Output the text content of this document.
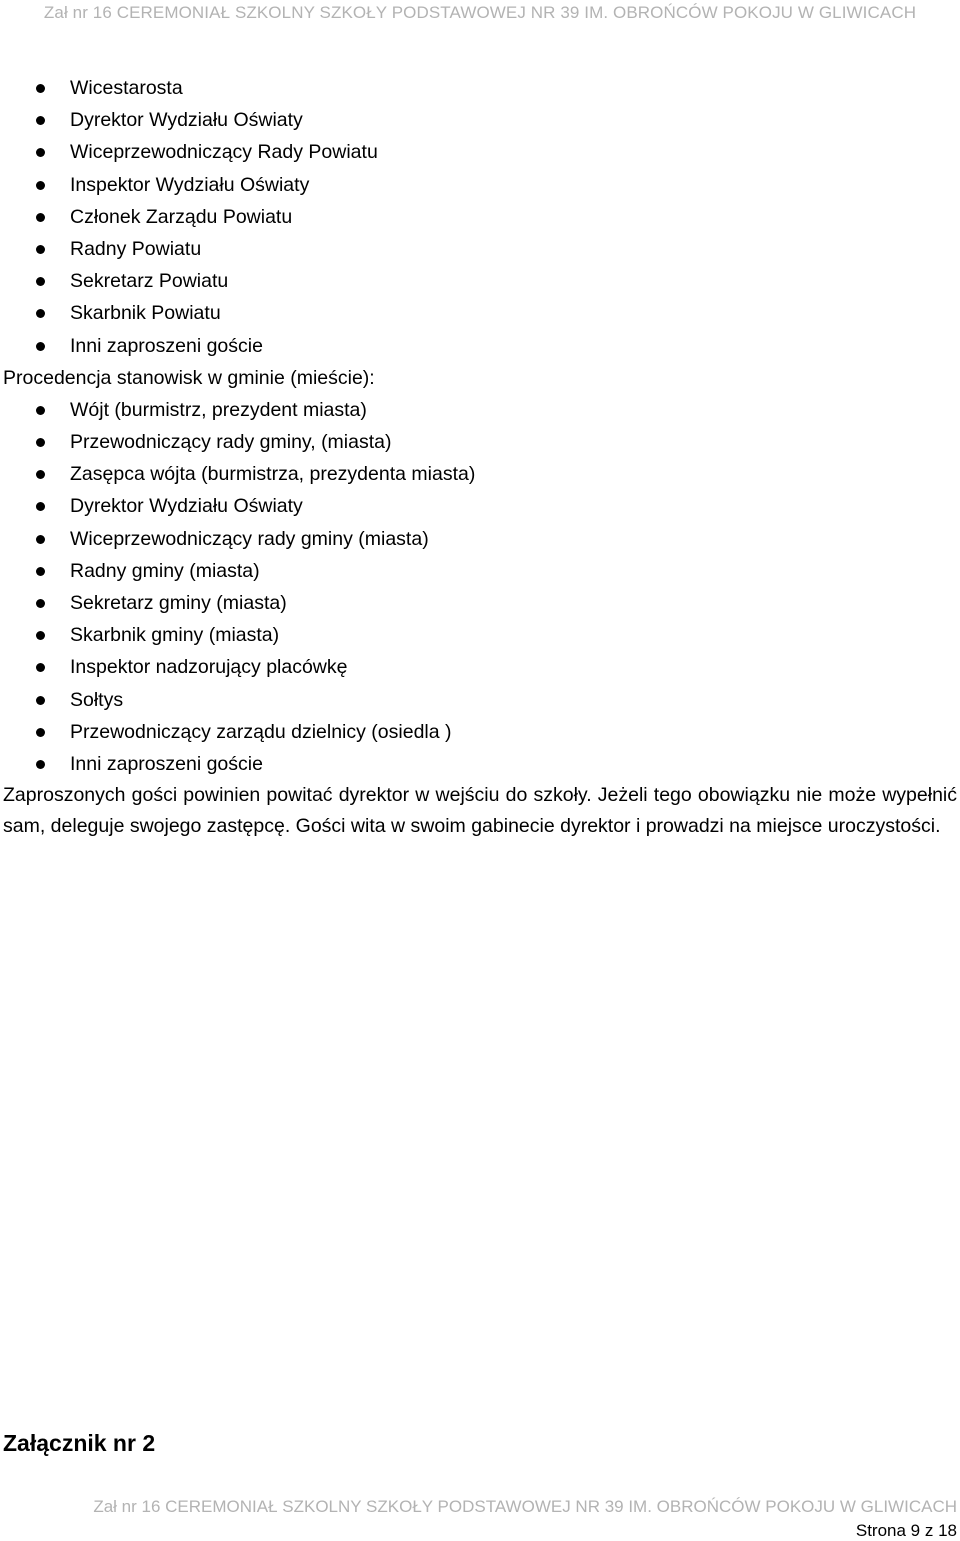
Zał nr 16 CEREMONIAŁ SZKOLNY SZKOŁY PODSTAWOWEJ NR 39 IM. OBROŃCÓW POKOJU W GLIWICACH
Wicestarosta
Dyrektor Wydziału Oświaty
Wiceprzewodniczący Rady Powiatu
Inspektor Wydziału Oświaty
Członek Zarządu Powiatu
Radny Powiatu
Sekretarz Powiatu
Skarbnik Powiatu
Inni zaproszeni goście
Procedencja stanowisk w gminie (mieście):
Wójt (burmistrz, prezydent miasta)
Przewodniczący rady gminy, (miasta)
Zasępca wójta (burmistrza, prezydenta miasta)
Dyrektor Wydziału Oświaty
Wiceprzewodniczący rady gminy (miasta)
Radny gminy (miasta)
Sekretarz gminy (miasta)
Skarbnik gminy (miasta)
Inspektor nadzorujący placówkę
Sołtys
Przewodniczący zarządu dzielnicy (osiedla )
Inni zaproszeni goście
Zaproszonych gości powinien powitać dyrektor w wejściu do szkoły. Jeżeli tego obowiązku nie może wypełnić
sam, deleguje swojego zastępcę. Gości wita w swoim gabinecie dyrektor i prowadzi na miejsce uroczystości.
Załącznik nr 2
Zał nr 16 CEREMONIAŁ SZKOLNY SZKOŁY PODSTAWOWEJ NR 39 IM. OBROŃCÓW POKOJU W GLIWICACH
Strona 9 z 18
